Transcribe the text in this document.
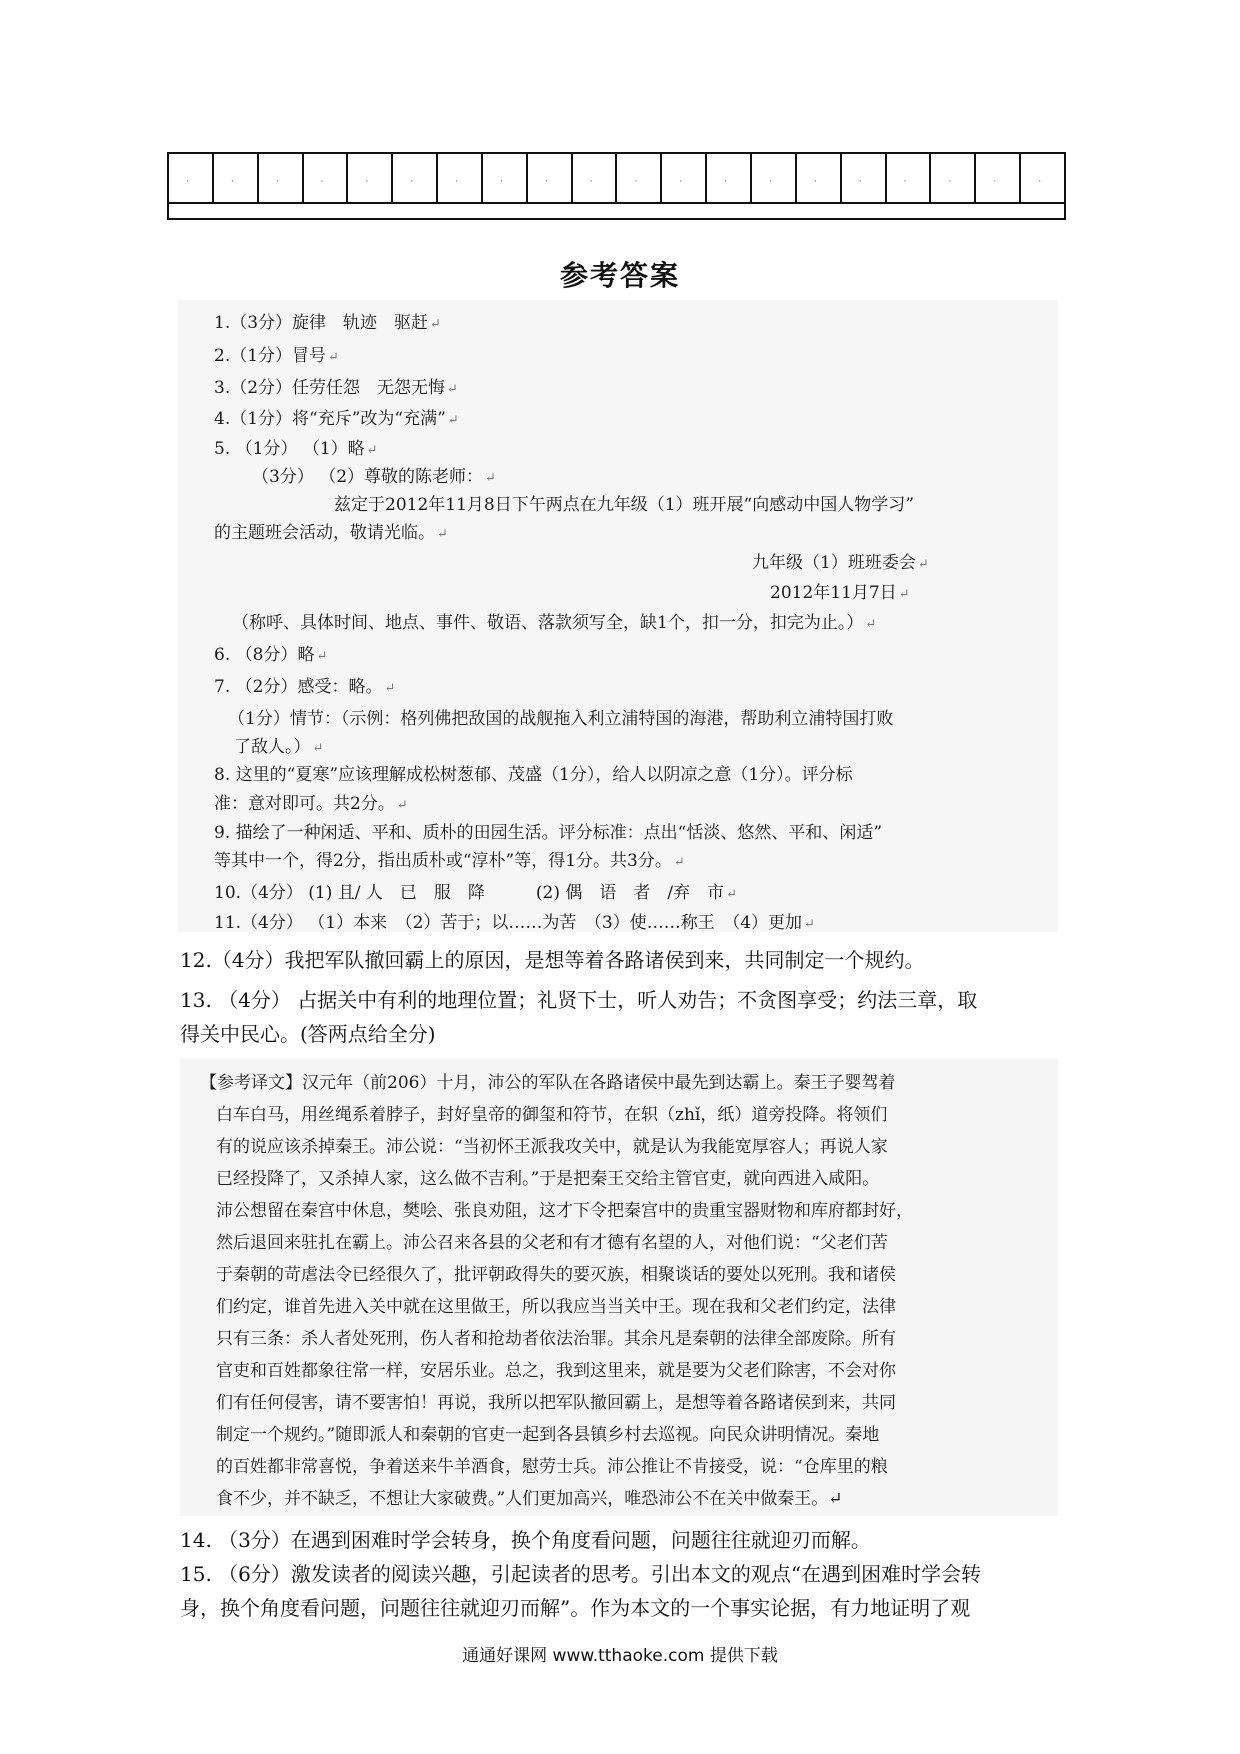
·	·	·	·	·	·	·	·	·	·	·	·	·	·	·	·	·	·	·	·

参考答案
1.（3分）旋律　轨迹　驱赶 ↵
2.（1分）冒号 ↵
3.（2分）任劳任怨　无怨无悔 ↵
4.（1分）将“充斥”改为“充满” ↵
5. （1分） （1）略 ↵
（3分） （2）尊敬的陈老师： ↵
兹定于2012年11月8日下午两点在九年级（1）班开展“向感动中国人物学习”
的主题班会活动，敬请光临。 ↵
九年级（1）班班委会 ↵
2012年11月7日 ↵
（称呼、具体时间、地点、事件、敬语、落款须写全，缺1个，扣一分，扣完为止。） ↵
6. （8分）略 ↵
7. （2分）感受：略。 ↵
（1分）情节：（示例：格列佛把敌国的战舰拖入利立浦特国的海港，帮助利立浦特国打败
了敌人。） ↵
8. 这里的“夏寒”应该理解成松树葱郁、茂盛（1分），给人以阴凉之意（1分）。评分标
准：意对即可。共2分。 ↵
9. 描绘了一种闲适、平和、质朴的田园生活。评分标准：点出“恬淡、悠然、平和、闲适”
等其中一个，得2分，指出质朴或“淳朴”等，得1分。共3分。 ↵
10.（4分） (1) 且/ 人　已　服　降　　　(2) 偶　语　者　/弃　市 ↵
11.（4分） （1）本来　（2）苦于；以……为苦　（3）使……称王　（4）更加 ↵
12.（4分）我把军队撤回霸上的原因，是想等着各路诸侯到来，共同制定一个规约。
13. （4分） 占据关中有利的地理位置；礼贤下士，听人劝告；不贪图享受；约法三章，取
得关中民心。(答两点给全分)
【参考译文】汉元年（前206）十月，沛公的军队在各路诸侯中最先到达霸上。秦王子婴驾着
白车白马，用丝绳系着脖子，封好皇帝的御玺和符节，在轵（zhǐ，纸）道旁投降。将领们
有的说应该杀掉秦王。沛公说：“当初怀王派我攻关中，就是认为我能宽厚容人；再说人家
已经投降了，又杀掉人家，这么做不吉利。”于是把秦王交给主管官吏，就向西进入咸阳。
沛公想留在秦宫中休息，樊哙、张良劝阻，这才下令把秦宫中的贵重宝器财物和库府都封好，
然后退回来驻扎在霸上。沛公召来各县的父老和有才德有名望的人，对他们说：“父老们苦
于秦朝的苛虐法令已经很久了，批评朝政得失的要灭族，相聚谈话的要处以死刑。我和诸侯
们约定，谁首先进入关中就在这里做王，所以我应当当关中王。现在我和父老们约定，法律
只有三条：杀人者处死刑，伤人者和抢劫者依法治罪。其余凡是秦朝的法律全部废除。所有
官吏和百姓都象往常一样，安居乐业。总之，我到这里来，就是要为父老们除害，不会对你
们有任何侵害，请不要害怕！再说，我所以把军队撤回霸上，是想等着各路诸侯到来，共同
制定一个规约。”随即派人和秦朝的官吏一起到各县镇乡村去巡视。向民众讲明情况。秦地
的百姓都非常喜悦，争着送来牛羊酒食，慰劳士兵。沛公推让不肯接受，说：“仓库里的粮
食不少，并不缺乏，不想让大家破费。”人们更加高兴，唯恐沛公不在关中做秦王。↵
14. （3分）在遇到困难时学会转身，换个角度看问题，问题往往就迎刃而解。
15. （6分）激发读者的阅读兴趣，引起读者的思考。引出本文的观点“在遇到困难时学会转
身，换个角度看问题，问题往往就迎刃而解”。作为本文的一个事实论据，有力地证明了观
通通好课网 www.tthaoke.com 提供下载
